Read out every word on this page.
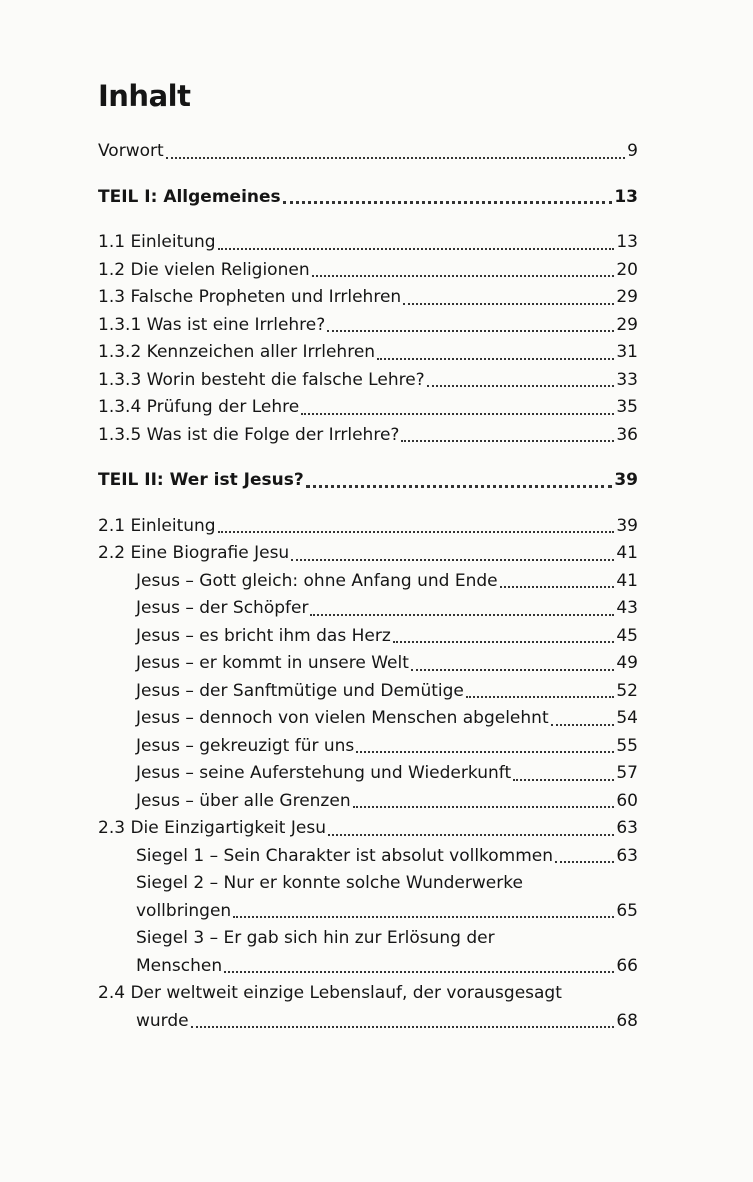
Inhalt
Vorwort	9
TEIL I: Allgemeines	13
1.1 Einleitung	13
1.2 Die vielen Religionen	20
1.3 Falsche Propheten und Irrlehren	29
1.3.1 Was ist eine Irrlehre?	29
1.3.2 Kennzeichen aller Irrlehren	31
1.3.3 Worin besteht die falsche Lehre?	33
1.3.4 Prüfung der Lehre	35
1.3.5 Was ist die Folge der Irrlehre?	36
TEIL II: Wer ist Jesus?	39
2.1 Einleitung	39
2.2 Eine Biografie Jesu	41
Jesus – Gott gleich: ohne Anfang und Ende	41
Jesus – der Schöpfer	43
Jesus – es bricht ihm das Herz	45
Jesus – er kommt in unsere Welt	49
Jesus – der Sanftmütige und Demütige	52
Jesus – dennoch von vielen Menschen abgelehnt	54
Jesus – gekreuzigt für uns	55
Jesus – seine Auferstehung und Wiederkunft	57
Jesus – über alle Grenzen	60
2.3 Die Einzigartigkeit Jesu	63
Siegel 1 – Sein Charakter ist absolut vollkommen	63
Siegel 2 – Nur er konnte solche Wunderwerke
vollbringen	65
Siegel 3 – Er gab sich hin zur Erlösung der
Menschen	66
2.4 Der weltweit einzige Lebenslauf, der vorausgesagt
wurde	68
